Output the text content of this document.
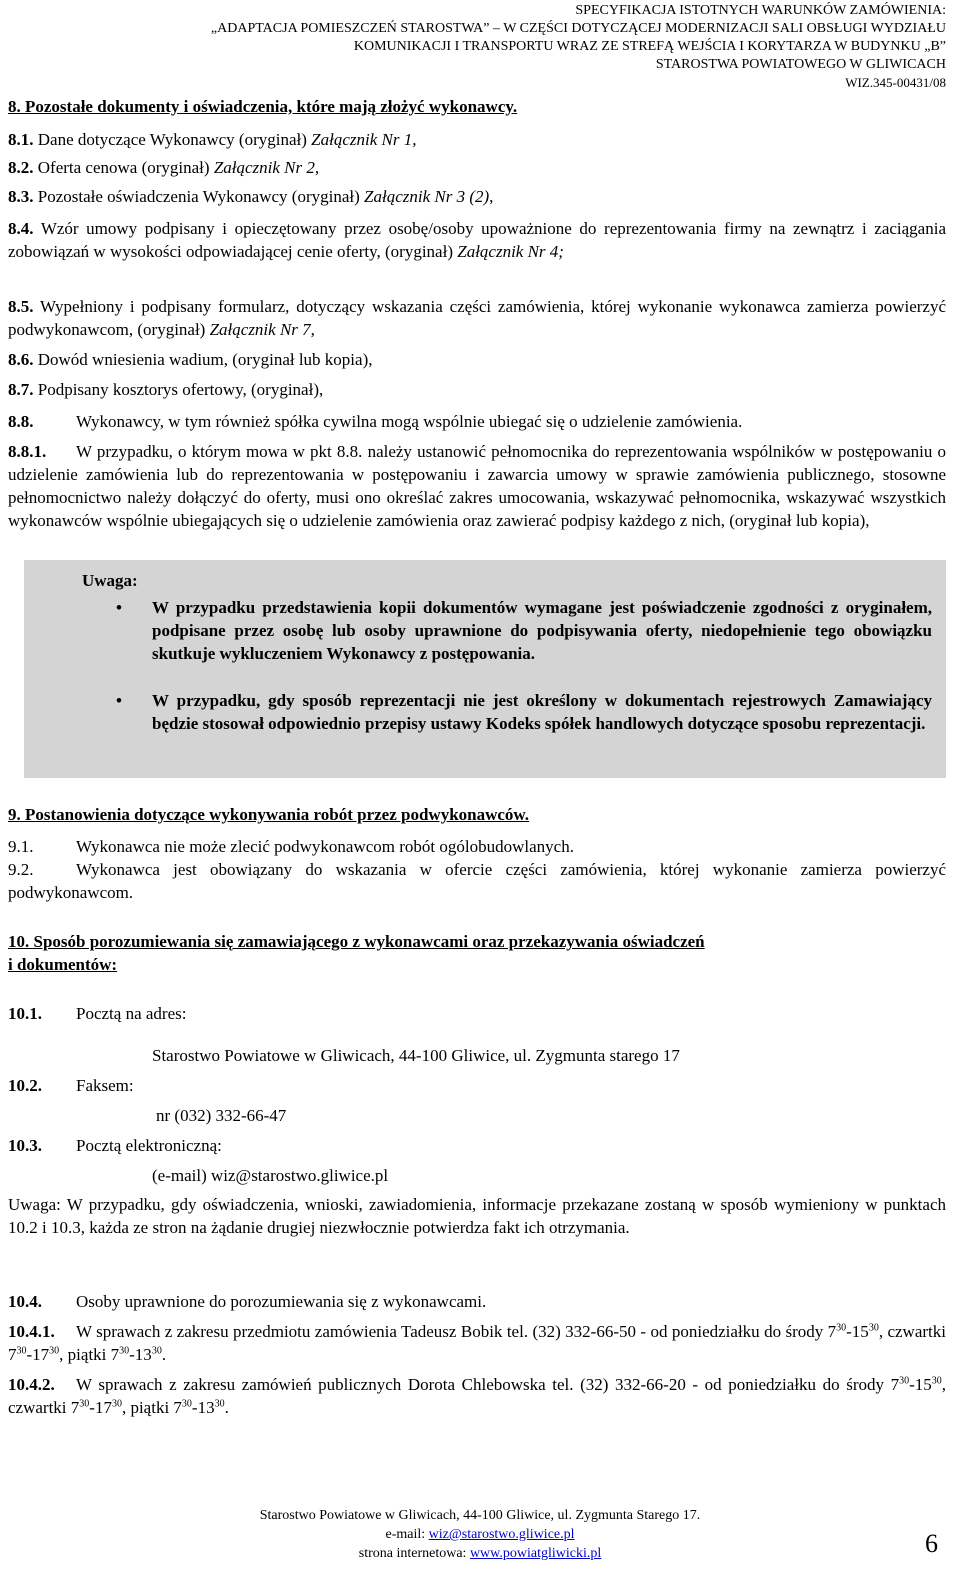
SPECYFIKACJA ISTOTNYCH WARUNKÓW ZAMÓWIENIA:
„ADAPTACJA POMIESZCZEŃ STAROSTWA” – W CZĘŚCI DOTYCZĄCEJ MODERNIZACJI SALI OBSŁUGI WYDZIAŁU
KOMUNIKACJI I TRANSPORTU WRAZ ZE STREFĄ WEJŚCIA I KORYTARZA W BUDYNKU „B”
STAROSTWA POWIATOWEGO W GLIWICACH
WIZ.345-00431/08

8. Pozostałe dokumenty i oświadczenia, które mają złożyć wykonawcy.

8.1. Dane dotyczące Wykonawcy (oryginał) Załącznik Nr 1,

8.2. Oferta cenowa (oryginał) Załącznik Nr 2,

8.3. Pozostałe oświadczenia Wykonawcy (oryginał) Załącznik Nr 3 (2),

8.4. Wzór umowy podpisany i opieczętowany przez osobę/osoby upoważnione do reprezentowania firmy na zewnątrz i zaciągania zobowiązań w wysokości odpowiadającej cenie oferty, (oryginał) Załącznik Nr 4;

8.5. Wypełniony i podpisany formularz, dotyczący wskazania części zamówienia, której wykonanie wykonawca zamierza powierzyć podwykonawcom, (oryginał) Załącznik Nr 7,

8.6. Dowód wniesienia wadium, (oryginał lub kopia),

8.7. Podpisany kosztorys ofertowy, (oryginał),

8.8.	Wykonawcy, w tym również spółka cywilna mogą wspólnie ubiegać się o udzielenie zamówienia.

8.8.1. W przypadku, o którym mowa w pkt 8.8. należy ustanowić pełnomocnika do reprezentowania wspólników w postępowaniu o udzielenie zamówienia lub do reprezentowania w postępowaniu i zawarcia umowy w sprawie zamówienia publicznego, stosowne pełnomocnictwo należy dołączyć do oferty, musi ono określać zakres umocowania, wskazywać pełnomocnika, wskazywać wszystkich wykonawców wspólnie ubiegających się o udzielenie zamówienia oraz zawierać podpisy każdego z nich, (oryginał lub kopia),

Uwaga:
• W przypadku przedstawienia kopii dokumentów wymagane jest poświadczenie zgodności z oryginałem, podpisane przez osobę lub osoby uprawnione do podpisywania oferty, niedopełnienie tego obowiązku skutkuje wykluczeniem Wykonawcy z postępowania.
• W przypadku, gdy sposób reprezentacji nie jest określony w dokumentach rejestrowych Zamawiający będzie stosował odpowiednio przepisy ustawy Kodeks spółek handlowych dotyczące sposobu reprezentacji.

9. Postanowienia dotyczące wykonywania robót przez podwykonawców.

9.1.	Wykonawca nie może zlecić podwykonawcom robót ogólobudowlanych.

9.2.	Wykonawca jest obowiązany do wskazania w ofercie części zamówienia, której wykonanie zamierza powierzyć podwykonawcom.

10. Sposób porozumiewania się zamawiającego z wykonawcami oraz przekazywania oświadczeń

i dokumentów:

10.1. Pocztą na adres:

Starostwo Powiatowe w Gliwicach, 44-100 Gliwice, ul. Zygmunta starego 17

10.2. Faksem:

nr (032) 332-66-47

10.3. Pocztą elektroniczną:

(e-mail) wiz@starostwo.gliwice.pl

Uwaga: W przypadku, gdy oświadczenia, wnioski, zawiadomienia, informacje przekazane zostaną w sposób wymieniony w punktach 10.2 i 10.3, każda ze stron na żądanie drugiej niezwłocznie potwierdza fakt ich otrzymania.

10.4. Osoby uprawnione do porozumiewania się z wykonawcami.

10.4.1. W sprawach z zakresu przedmiotu zamówienia Tadeusz Bobik tel. (32) 332-66-50 - od poniedziałku do środy $7^{30}-15^{30}$, czwartki $7^{30}-17^{30}$, piątki $7^{30}-13^{30}$.

10.4.2. W sprawach z zakresu zamówień publicznych Dorota Chlebowska tel. (32) 332-66-20 - od poniedziałku do środy $7^{30}-15^{30}$, czwartki $7^{30}-17^{30}$, piątki $7^{30}-13^{30}$.

Starostwo Powiatowe w Gliwicach, 44-100 Gliwice, ul. Zygmunta Starego 17.
e-mail: wiz@starostwo.gliwice.pl
strona internetowa: www.powiatgliwicki.pl	6
